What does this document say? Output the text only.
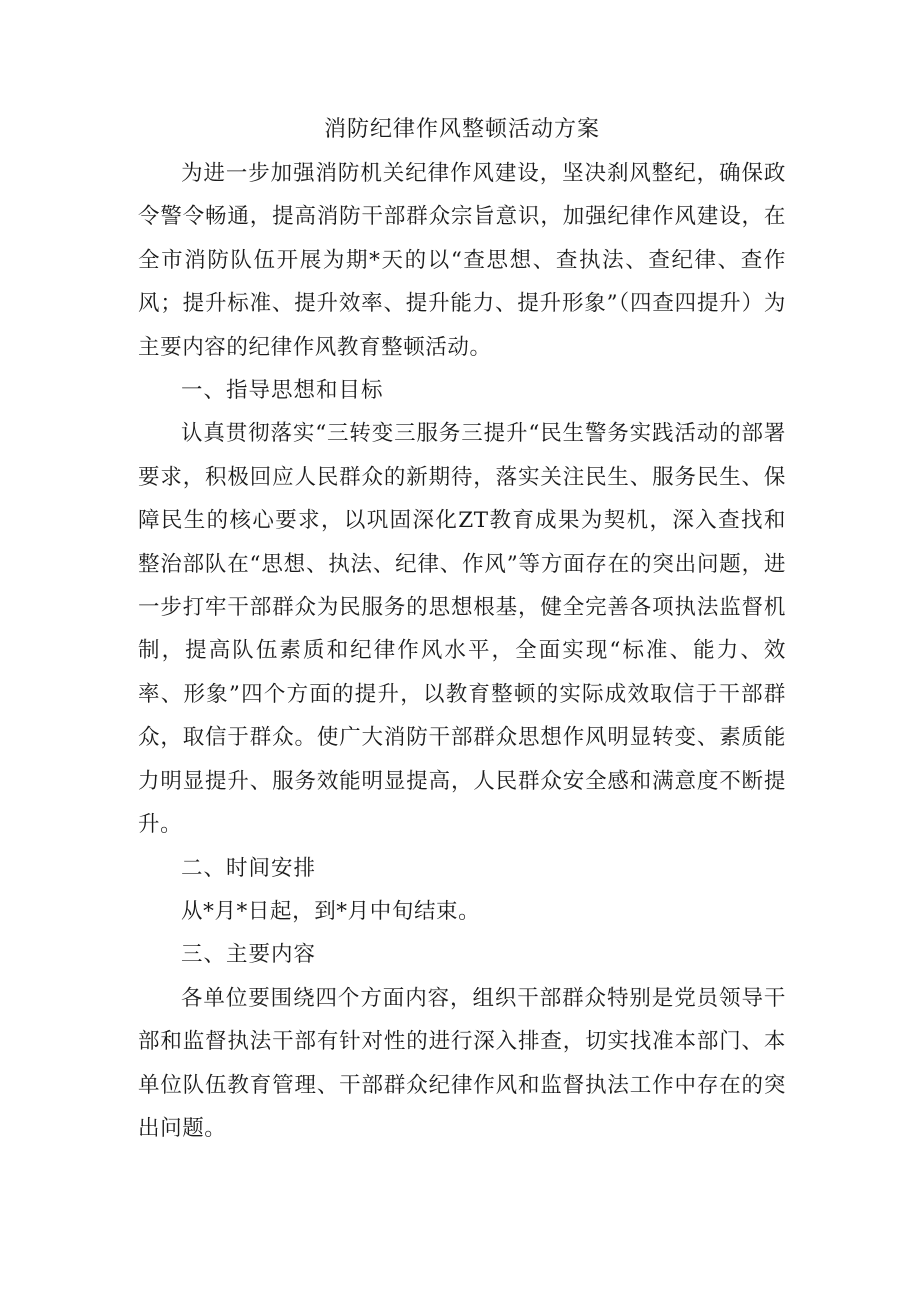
消防纪律作风整顿活动方案

为进一步加强消防机关纪律作风建设，坚决刹风整纪，确保政令警令畅通，提高消防干部群众宗旨意识，加强纪律作风建设，在全市消防队伍开展为期*天的以“查思想、查执法、查纪律、查作风；提升标准、提升效率、提升能力、提升形象”（四查四提升）为主要内容的纪律作风教育整顿活动。

一、指导思想和目标

认真贯彻落实“三转变三服务三提升“民生警务实践活动的部署要求，积极回应人民群众的新期待，落实关注民生、服务民生、保障民生的核心要求，以巩固深化ZT教育成果为契机，深入查找和整治部队在“思想、执法、纪律、作风”等方面存在的突出问题，进一步打牢干部群众为民服务的思想根基，健全完善各项执法监督机制，提高队伍素质和纪律作风水平，全面实现“标准、能力、效率、形象”四个方面的提升，以教育整顿的实际成效取信于干部群众，取信于群众。使广大消防干部群众思想作风明显转变、素质能力明显提升、服务效能明显提高，人民群众安全感和满意度不断提升。

二、时间安排

从*月*日起，到*月中旬结束。

三、主要内容

各单位要围绕四个方面内容，组织干部群众特别是党员领导干部和监督执法干部有针对性的进行深入排查，切实找准本部门、本单位队伍教育管理、干部群众纪律作风和监督执法工作中存在的突出问题。
